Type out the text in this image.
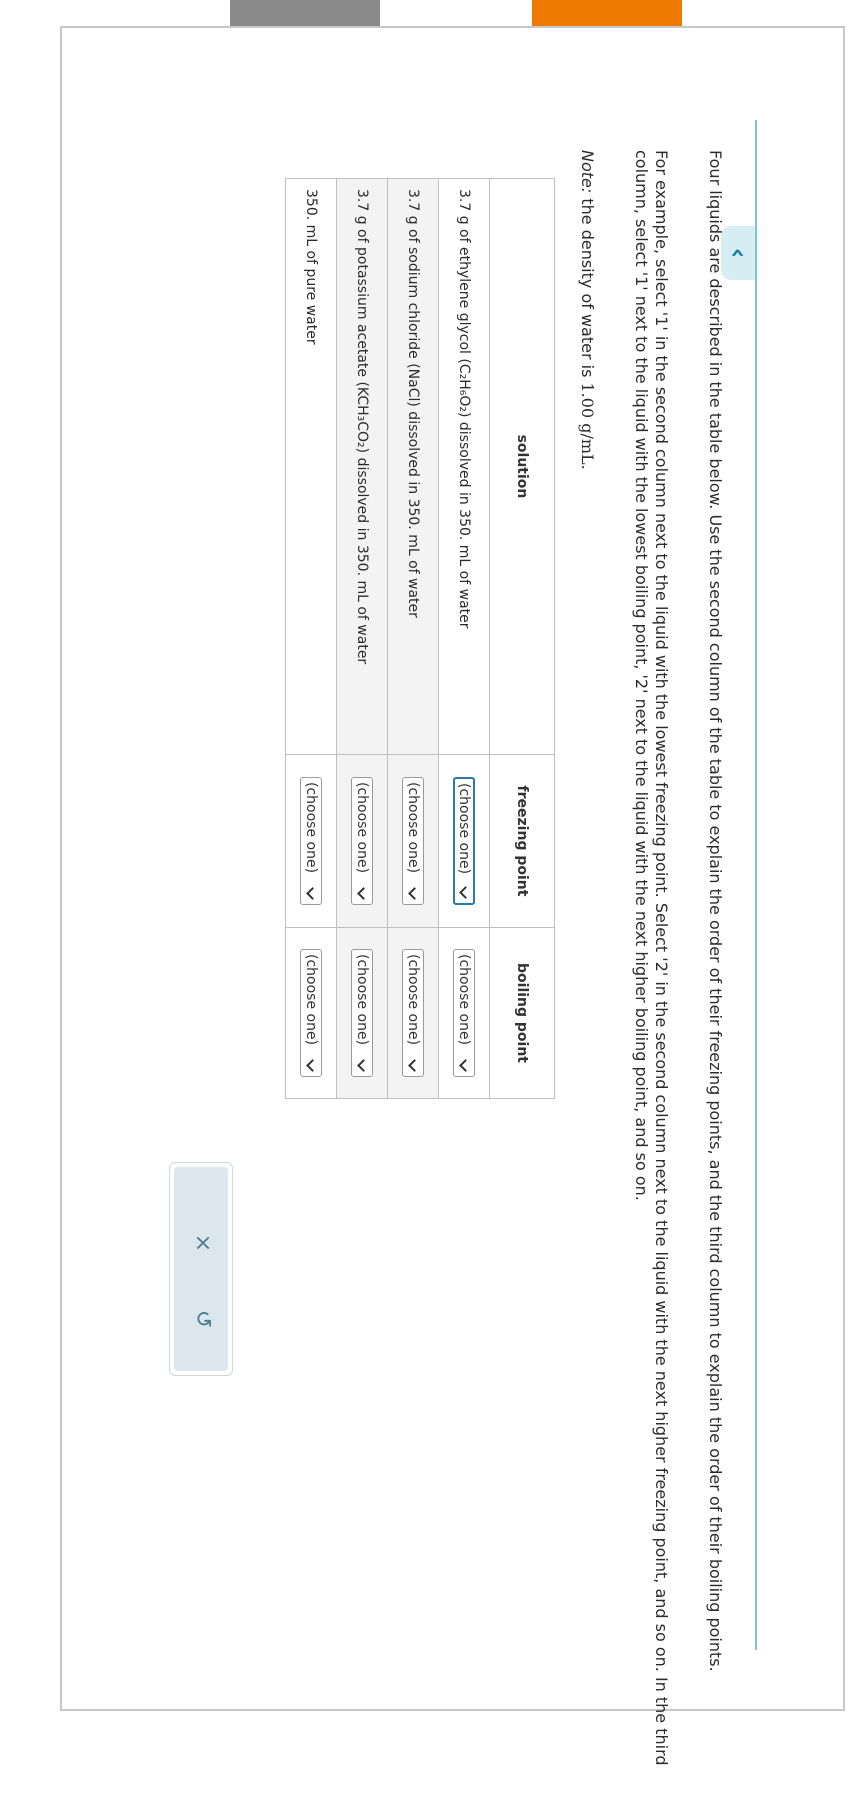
‹
Four liquids are described in the table below. Use the second column of the table to explain the order of their freezing points, and the third column to explain the order of their boiling points.
For example, select '1' in the second column next to the liquid with the lowest freezing point. Select '2' in the second column next to the liquid with the next higher freezing point, and so on. In the third column, select '1' next to the liquid with the lowest boiling point, '2' next to the liquid with the next higher boiling point, and so on.
Note: the density of water is 1.00 g/mL.
solution	freezing point	boiling point
3.7 g of ethylene glycol (C₂H₆O₂) dissolved in 350. mL of water	(choose one)	(choose one)

3.7 g of sodium chloride (NaCl) dissolved in 350. mL of water	(choose one)	(choose one)

3.7 g of potassium acetate (KCH₃CO₂) dissolved in 350. mL of water	(choose one)	(choose one)

350. mL of pure water	(choose one)	(choose one)
×
↺
